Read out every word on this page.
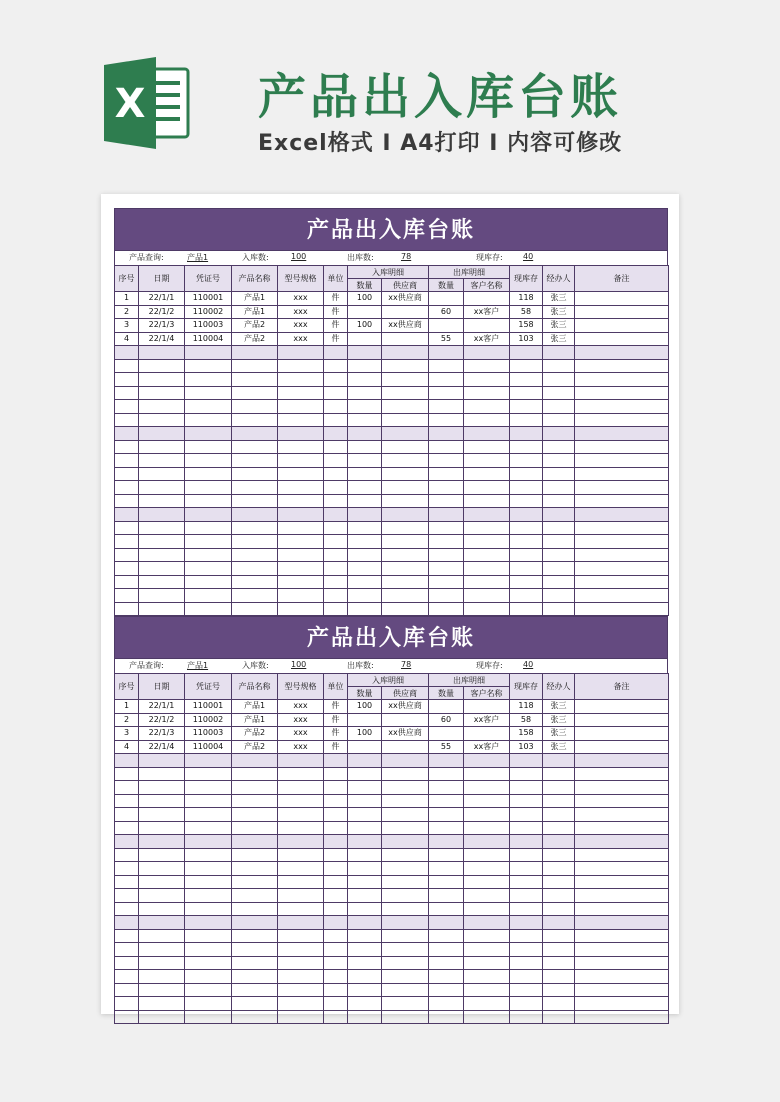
X 产品出入库台账
Excel格式 I A4打印 I 内容可修改
产品出入库台账
产品查询:	产品1	入库数:	100	出库数:	78	现库存:	40
序号	日期	凭证号	产品名称	型号规格	单位	入库明细		出库明细		现库存	经办人	备注
						数量	供应商	数量	客户名称			
1	22/1/1	110001	产品1	xxx	件	100	xx供应商			118	张三	
2	22/1/2	110002	产品1	xxx	件			60	xx客户	58	张三	
3	22/1/3	110003	产品2	xxx	件	100	xx供应商			158	张三	
4	22/1/4	110004	产品2	xxx	件			55	xx客户	103	张三	

产品出入库台账
产品查询:	产品1	入库数:	100	出库数:	78	现库存:	40
序号	日期	凭证号	产品名称	型号规格	单位	入库明细		出库明细		现库存	经办人	备注
						数量	供应商	数量	客户名称			
1	22/1/1	110001	产品1	xxx	件	100	xx供应商			118	张三	
2	22/1/2	110002	产品1	xxx	件			60	xx客户	58	张三	
3	22/1/3	110003	产品2	xxx	件	100	xx供应商			158	张三	
4	22/1/4	110004	产品2	xxx	件			55	xx客户	103	张三	
